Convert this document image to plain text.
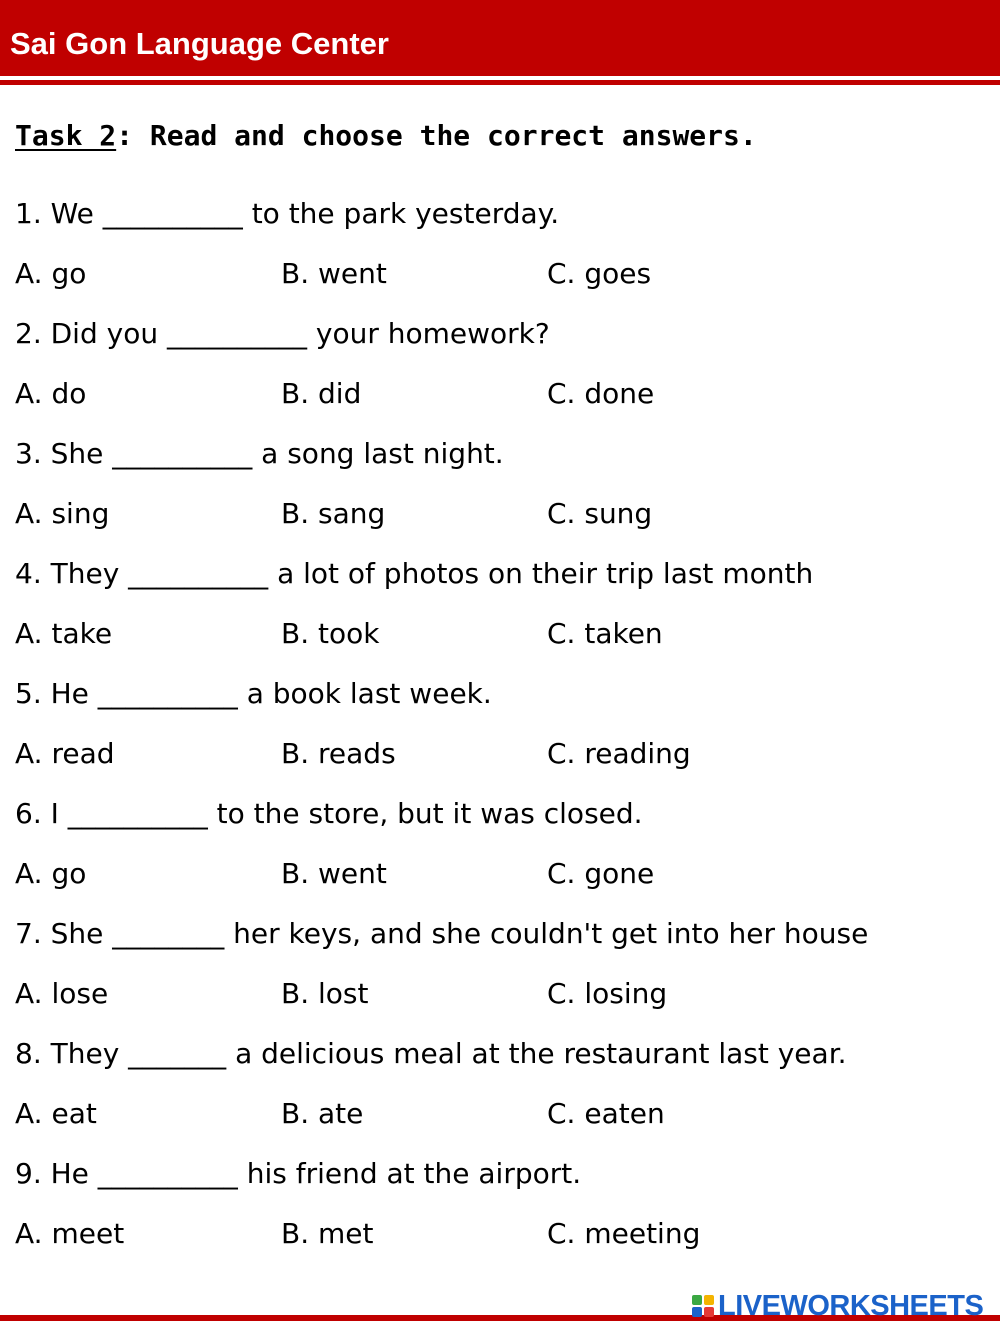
Sai Gon Language Center
Task 2: Read and choose the correct answers.
1. We __________ to the park yesterday.
A. go	B. went	C. goes
2. Did you __________ your homework?
A. do	B. did	C. done
3. She __________ a song last night.
A. sing	B. sang	C. sung
4. They __________ a lot of photos on their trip last month
A. take	B. took	C. taken
5. He __________ a book last week.
A. read	B. reads	C. reading
6. I __________ to the store, but it was closed.
A. go	B. went	C. gone
7. She ________ her keys, and she couldn't get into her house
A. lose	B. lost	C. losing
8. They _______ a delicious meal at the restaurant last year.
A. eat	B. ate	C. eaten
9. He __________ his friend at the airport.
A. meet	B. met	C. meeting
LIVEWORKSHEETS
